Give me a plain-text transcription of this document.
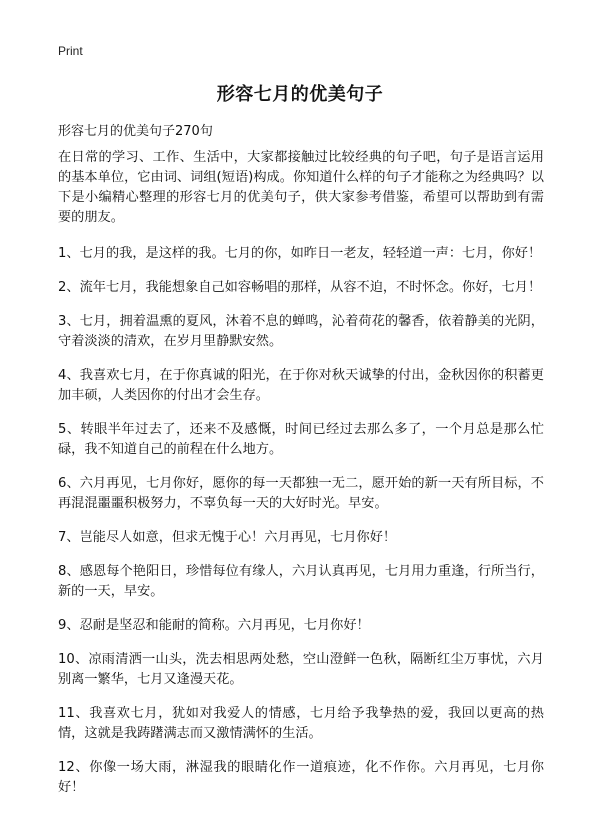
Print
形容七月的优美句子
形容七月的优美句子270句

在日常的学习、工作、生活中，大家都接触过比较经典的句子吧，句子是语言运用的基本单位，它由词、词组(短语)构成。你知道什么样的句子才能称之为经典吗？以下是小编精心整理的形容七月的优美句子，供大家参考借鉴，希望可以帮助到有需要的朋友。

1、七月的我，是这样的我。七月的你，如昨日一老友，轻轻道一声：七月，你好！

2、流年七月，我能想象自己如容畅唱的那样，从容不迫，不时怀念。你好，七月！

3、七月，拥着温熏的夏风，沐着不息的蝉鸣，沁着荷花的馨香，依着静美的光阴，守着淡淡的清欢，在岁月里静默安然。

4、我喜欢七月，在于你真诚的阳光，在于你对秋天诚挚的付出，金秋因你的积蓄更加丰硕，人类因你的付出才会生存。

5、转眼半年过去了，还来不及感慨，时间已经过去那么多了，一个月总是那么忙碌，我不知道自己的前程在什么地方。

6、六月再见，七月你好，愿你的每一天都独一无二，愿开始的新一天有所目标，不再混混噩噩积极努力，不辜负每一天的大好时光。早安。

7、岂能尽人如意，但求无愧于心！六月再见，七月你好！

8、感恩每个艳阳日，珍惜每位有缘人，六月认真再见，七月用力重逢，行所当行，新的一天，早安。

9、忍耐是坚忍和能耐的简称。六月再见，七月你好！

10、凉雨清洒一山头，洗去相思两处愁，空山澄鲜一色秋，隔断红尘万事忧，六月别离一繁华，七月又逢漫天花。

11、我喜欢七月，犹如对我爱人的情感，七月给予我挚热的爱，我回以更高的热情，这就是我踌躇满志而又激情满怀的生活。

12、你像一场大雨，淋湿我的眼睛化作一道痕迹，化不作你。六月再见，七月你好！
